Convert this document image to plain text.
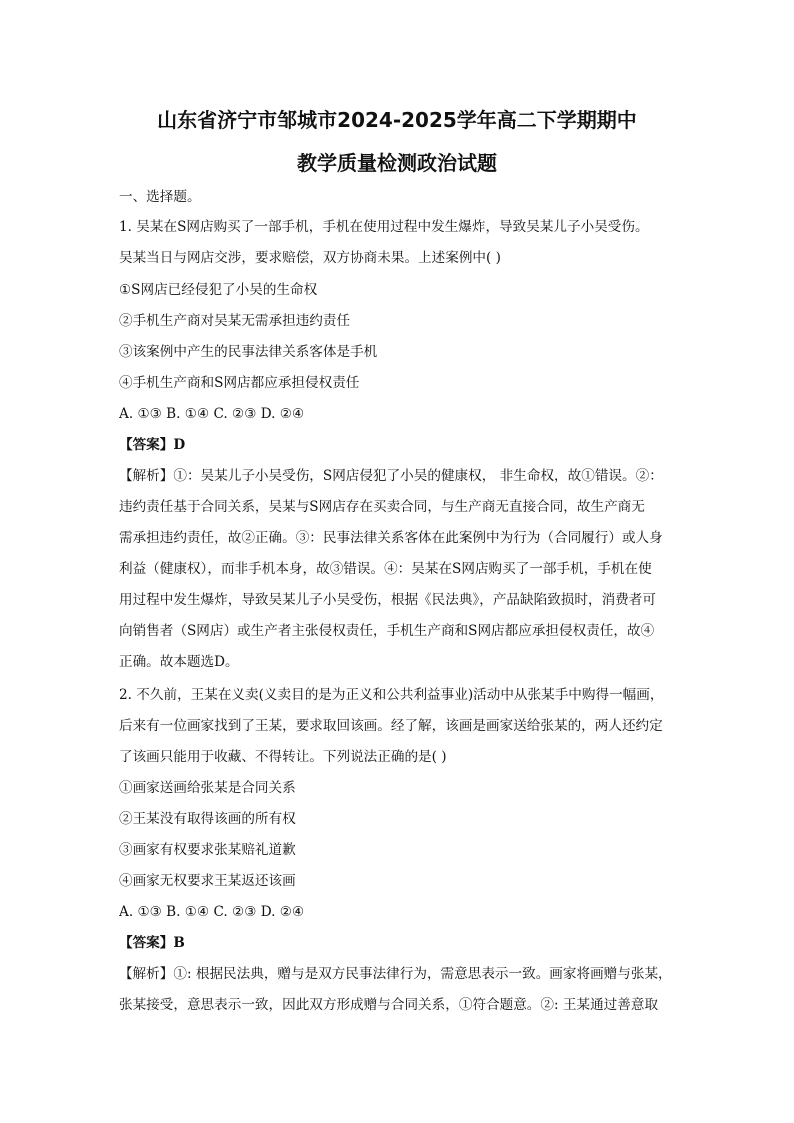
山东省济宁市邹城市2024-2025学年高二下学期期中
教学质量检测政治试题
一、选择题。
1. 吴某在S网店购买了一部手机，手机在使用过程中发生爆炸，导致吴某儿子小吴受伤。
吴某当日与网店交涉，要求赔偿，双方协商未果。上述案例中( )
①S网店已经侵犯了小吴的生命权
②手机生产商对吴某无需承担违约责任
③该案例中产生的民事法律关系客体是手机
④手机生产商和S网店都应承担侵权责任
A. ①③ B. ①④ C. ②③ D. ②④
【答案】D
【解析】①：吴某儿子小吴受伤，S网店侵犯了小吴的健康权， 非生命权，故①错误。②：
违约责任基于合同关系，吴某与S网店存在买卖合同，与生产商无直接合同，故生产商无
需承担违约责任，故②正确。③：民事法律关系客体在此案例中为行为（合同履行）或人身
利益（健康权），而非手机本身，故③错误。④：吴某在S网店购买了一部手机，手机在使
用过程中发生爆炸，导致吴某儿子小吴受伤，根据《民法典》，产品缺陷致损时，消费者可
向销售者（S网店）或生产者主张侵权责任，手机生产商和S网店都应承担侵权责任，故④
正确。故本题选D。
2. 不久前，王某在义卖(义卖目的是为正义和公共利益事业)活动中从张某手中购得一幅画，
后来有一位画家找到了王某，要求取回该画。经了解，该画是画家送给张某的，两人还约定
了该画只能用于收藏、不得转让。下列说法正确的是( )
①画家送画给张某是合同关系
②王某没有取得该画的所有权
③画家有权要求张某赔礼道歉
④画家无权要求王某返还该画
A. ①③ B. ①④ C. ②③ D. ②④
【答案】B
【解析】①: 根据民法典，赠与是双方民事法律行为，需意思表示一致。画家将画赠与张某，
张某接受，意思表示一致，因此双方形成赠与合同关系，①符合题意。②: 王某通过善意取
